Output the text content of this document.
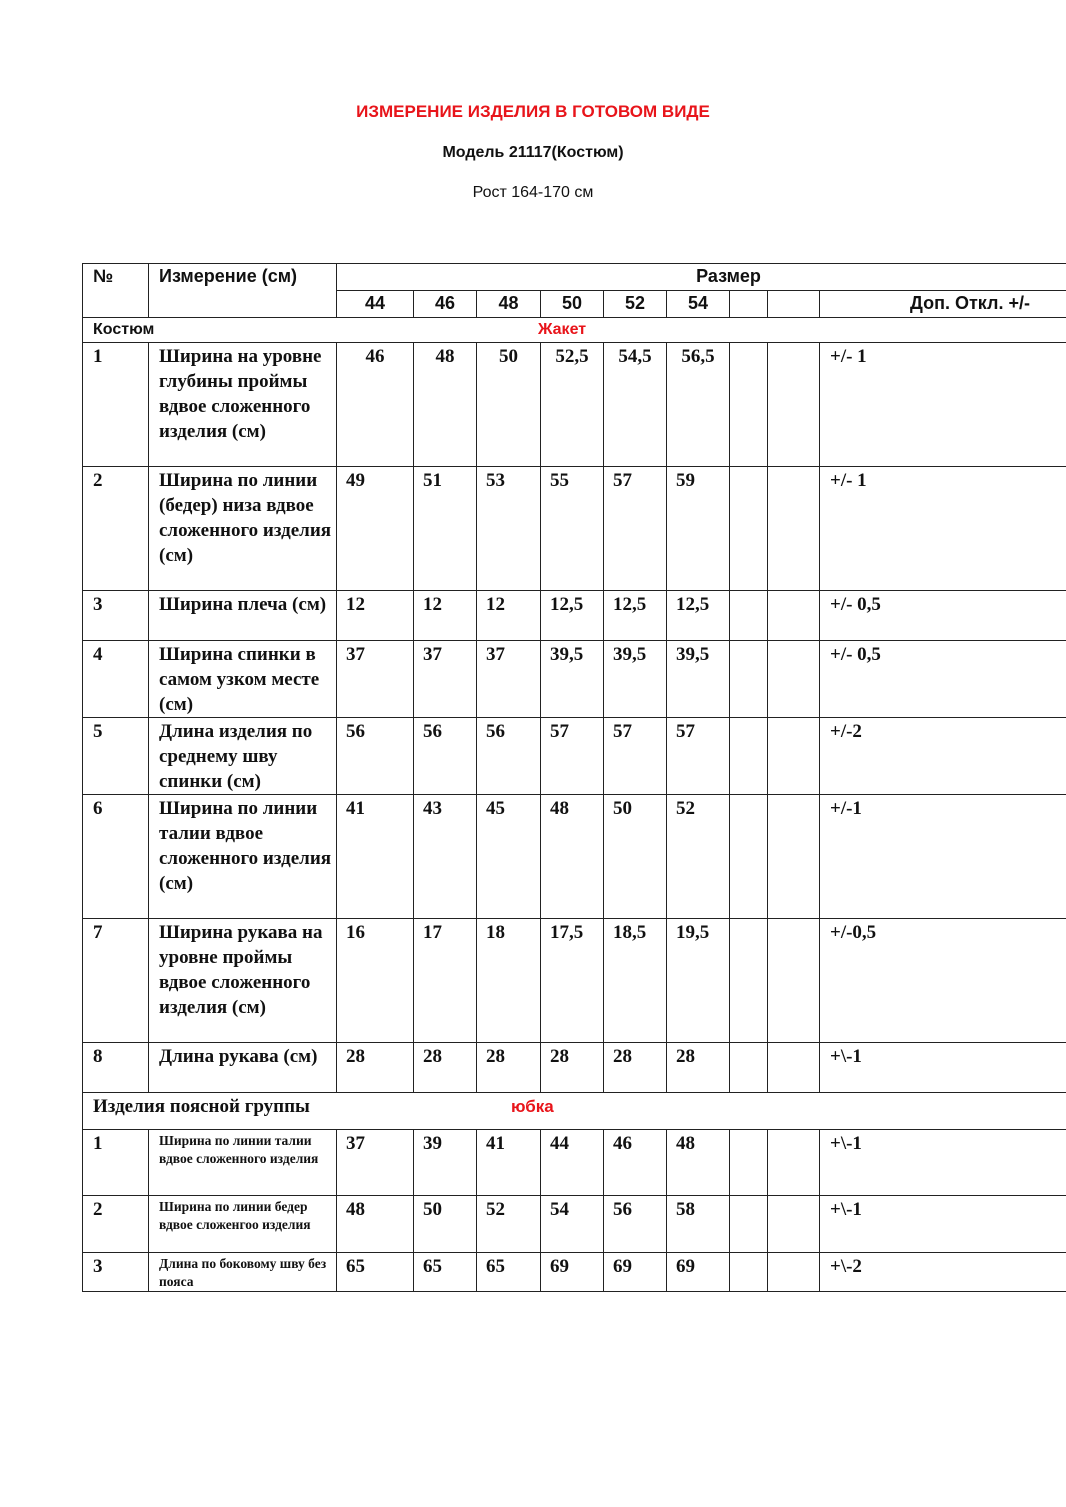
ИЗМЕРЕНИЕ ИЗДЕЛИЯ В ГОТОВОМ ВИДЕ
Модель 21117(Костюм)
Рост 164-170 см
№	Измерение (см)	Размер								
		44	46	48	50	52	54			Доп. Откл. +/-

Костюм Жакет										

1	Ширина на уровне глубины проймы вдвое сложенного изделия (см)	46	48	50	52,5	54,5	56,5			+/- 1
2	Ширина по линии (бедер) низа вдвое сложенного изделия (см)	49	51	53	55	57	59			+/- 1
3	Ширина плеча (см)	12	12	12	12,5	12,5	12,5			+/- 0,5
4	Ширина спинки в самом узком месте (см)	37	37	37	39,5	39,5	39,5			+/- 0,5
5	Длина изделия по среднему шву спинки (см)	56	56	56	57	57	57			+/-2
6	Ширина по линии талии вдвое сложенного изделия (см)	41	43	45	48	50	52			+/-1
7	Ширина рукава на уровне проймы вдвое сложенного изделия (см)	16	17	18	17,5	18,5	19,5			+/-0,5
8	Длина рукава (см)	28	28	28	28	28	28			+\-1

Изделия поясной группы юбка										

1	Ширина по линии талии вдвое сложенного изделия	37	39	41	44	46	48			+\-1
2	Ширина по линии бедер вдвое сложенгоо изделия	48	50	52	54	56	58			+\-1
3	Длина по боковому шву без пояса	65	65	65	69	69	69			+\-2
